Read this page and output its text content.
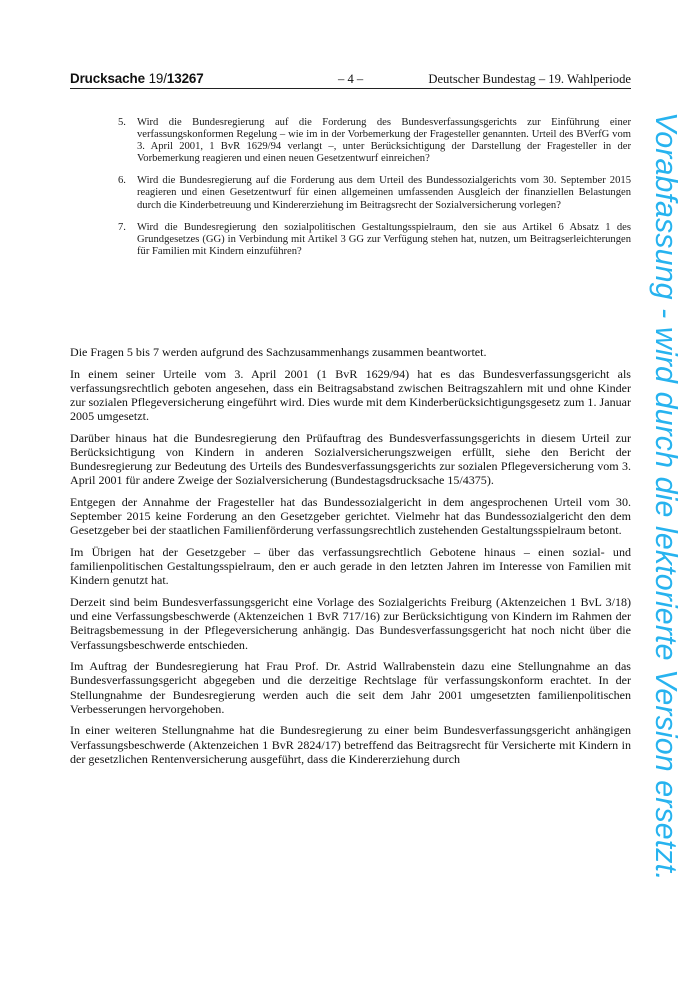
Drucksache 19/13267	– 4 –	Deutscher Bundestag – 19. Wahlperiode
5. Wird die Bundesregierung auf die Forderung des Bundesverfassungsgerichts zur Einführung einer verfassungskonformen Regelung – wie im in der Vorbemerkung der Fragesteller genannten. Urteil des BVerfG vom 3. April 2001, 1 BvR 1629/94 verlangt –, unter Berücksichtigung der Darstellung der Fragesteller in der Vorbemerkung reagieren und einen neuen Gesetzentwurf einreichen?
6. Wird die Bundesregierung auf die Forderung aus dem Urteil des Bundessozialgerichts vom 30. September 2015 reagieren und einen Gesetzentwurf für einen allgemeinen umfassenden Ausgleich der finanziellen Belastungen durch die Kinderbetreuung und Kindererziehung im Beitragsrecht der Sozialversicherung vorlegen?
7. Wird die Bundesregierung den sozialpolitischen Gestaltungsspielraum, den sie aus Artikel 6 Absatz 1 des Grundgesetzes (GG) in Verbindung mit Artikel 3 GG zur Verfügung stehen hat, nutzen, um Beitragserleichterungen für Familien mit Kindern einzuführen?

Die Fragen 5 bis 7 werden aufgrund des Sachzusammenhangs zusammen beantwortet.

In einem seiner Urteile vom 3. April 2001 (1 BvR 1629/94) hat es das Bundesverfassungsgericht als verfassungsrechtlich geboten angesehen, dass ein Beitragsabstand zwischen Beitragszahlern mit und ohne Kinder zur sozialen Pflegeversicherung eingeführt wird. Dies wurde mit dem Kinderberücksichtigungsgesetz zum 1. Januar 2005 umgesetzt.

Darüber hinaus hat die Bundesregierung den Prüfauftrag des Bundesverfassungsgerichts in diesem Urteil zur Berücksichtigung von Kindern in anderen Sozialversicherungszweigen erfüllt, siehe den Bericht der Bundesregierung zur Bedeutung des Urteils des Bundesverfassungsgerichts zur sozialen Pflegeversicherung vom 3. April 2001 für andere Zweige der Sozialversicherung (Bundestagsdrucksache 15/4375).

Entgegen der Annahme der Fragesteller hat das Bundessozialgericht in dem angesprochenen Urteil vom 30. September 2015 keine Forderung an den Gesetzgeber gerichtet. Vielmehr hat das Bundessozialgericht den dem Gesetzgeber bei der staatlichen Familienförderung verfassungsrechtlich zustehenden Gestaltungsspielraum betont.

Im Übrigen hat der Gesetzgeber – über das verfassungsrechtlich Gebotene hinaus – einen sozial- und familienpolitischen Gestaltungsspielraum, den er auch gerade in den letzten Jahren im Interesse von Familien mit Kindern genutzt hat.

Derzeit sind beim Bundesverfassungsgericht eine Vorlage des Sozialgerichts Freiburg (Aktenzeichen 1 BvL 3/18) und eine Verfassungsbeschwerde (Aktenzeichen 1 BvR 717/16) zur Berücksichtigung von Kindern im Rahmen der Beitragsbemessung in der Pflegeversicherung anhängig. Das Bundesverfassungsgericht hat noch nicht über die Verfassungsbeschwerde entschieden.

Im Auftrag der Bundesregierung hat Frau Prof. Dr. Astrid Wallrabenstein dazu eine Stellungnahme an das Bundesverfassungsgericht abgegeben und die derzeitige Rechtslage für verfassungskonform erachtet. In der Stellungnahme der Bundesregierung werden auch die seit dem Jahr 2001 umgesetzten familienpolitischen Verbesserungen hervorgehoben.

In einer weiteren Stellungnahme hat die Bundesregierung zu einer beim Bundesverfassungsgericht anhängigen Verfassungsbeschwerde (Aktenzeichen 1 BvR 2824/17) betreffend das Beitragsrecht für Versicherte mit Kindern in der gesetzlichen Rentenversicherung ausgeführt, dass die Kindererziehung durch	Vorabfassung - wird durch die lektorierte Version ersetzt.
